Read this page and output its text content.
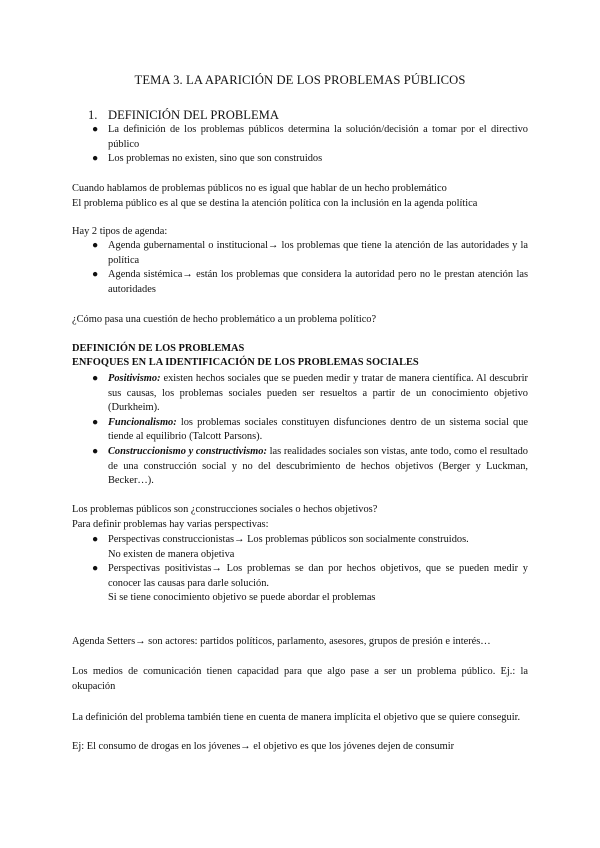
TEMA 3. LA APARICIÓN DE LOS PROBLEMAS PÚBLICOS
1. DEFINICIÓN DEL PROBLEMA
● La definición de los problemas públicos determina la solución/decisión a tomar por el directivo público
● Los problemas no existen, sino que son construidos

Cuando hablamos de problemas públicos no es igual que hablar de un hecho problemático

El problema público es al que se destina la atención política con la inclusión en la agenda política

Hay 2 tipos de agenda:
● Agenda gubernamental o institucional→ los problemas que tiene la atención de las autoridades y la política
● Agenda sistémica→ están los problemas que considera la autoridad pero no le prestan atención las autoridades
¿Cómo pasa una cuestión de hecho problemático a un problema político?
DEFINICIÓN DE LOS PROBLEMAS
ENFOQUES EN LA IDENTIFICACIÓN DE LOS PROBLEMAS SOCIALES
● Positivismo: existen hechos sociales que se pueden medir y tratar de manera científica. Al descubrir sus causas, los problemas sociales pueden ser resueltos a partir de un conocimiento objetivo (Durkheim).
● Funcionalismo: los problemas sociales constituyen disfunciones dentro de un sistema social que tiende al equilibrio (Talcott Parsons).
● Construccionismo y constructivismo: las realidades sociales son vistas, ante todo, como el resultado de una construcción social y no del descubrimiento de hechos objetivos (Berger y Luckman, Becker…).
Los problemas públicos son ¿construcciones sociales o hechos objetivos?
Para definir problemas hay varias perspectivas:
● Perspectivas construccionistas→ Los problemas públicos son socialmente construidos.
No existen de manera objetiva
● Perspectivas positivistas→ Los problemas se dan por hechos objetivos, que se pueden medir y conocer las causas para darle solución.
Si se tiene conocimiento objetivo se puede abordar el problemas
Agenda Setters→ son actores: partidos políticos, parlamento, asesores, grupos de presión e interés…
Los medios de comunicación tienen capacidad para que algo pase a ser un problema público. Ej.: la okupación
La definición del problema también tiene en cuenta de manera implícita el objetivo que se quiere conseguir.
Ej: El consumo de drogas en los jóvenes→ el objetivo es que los jóvenes dejen de consumir
